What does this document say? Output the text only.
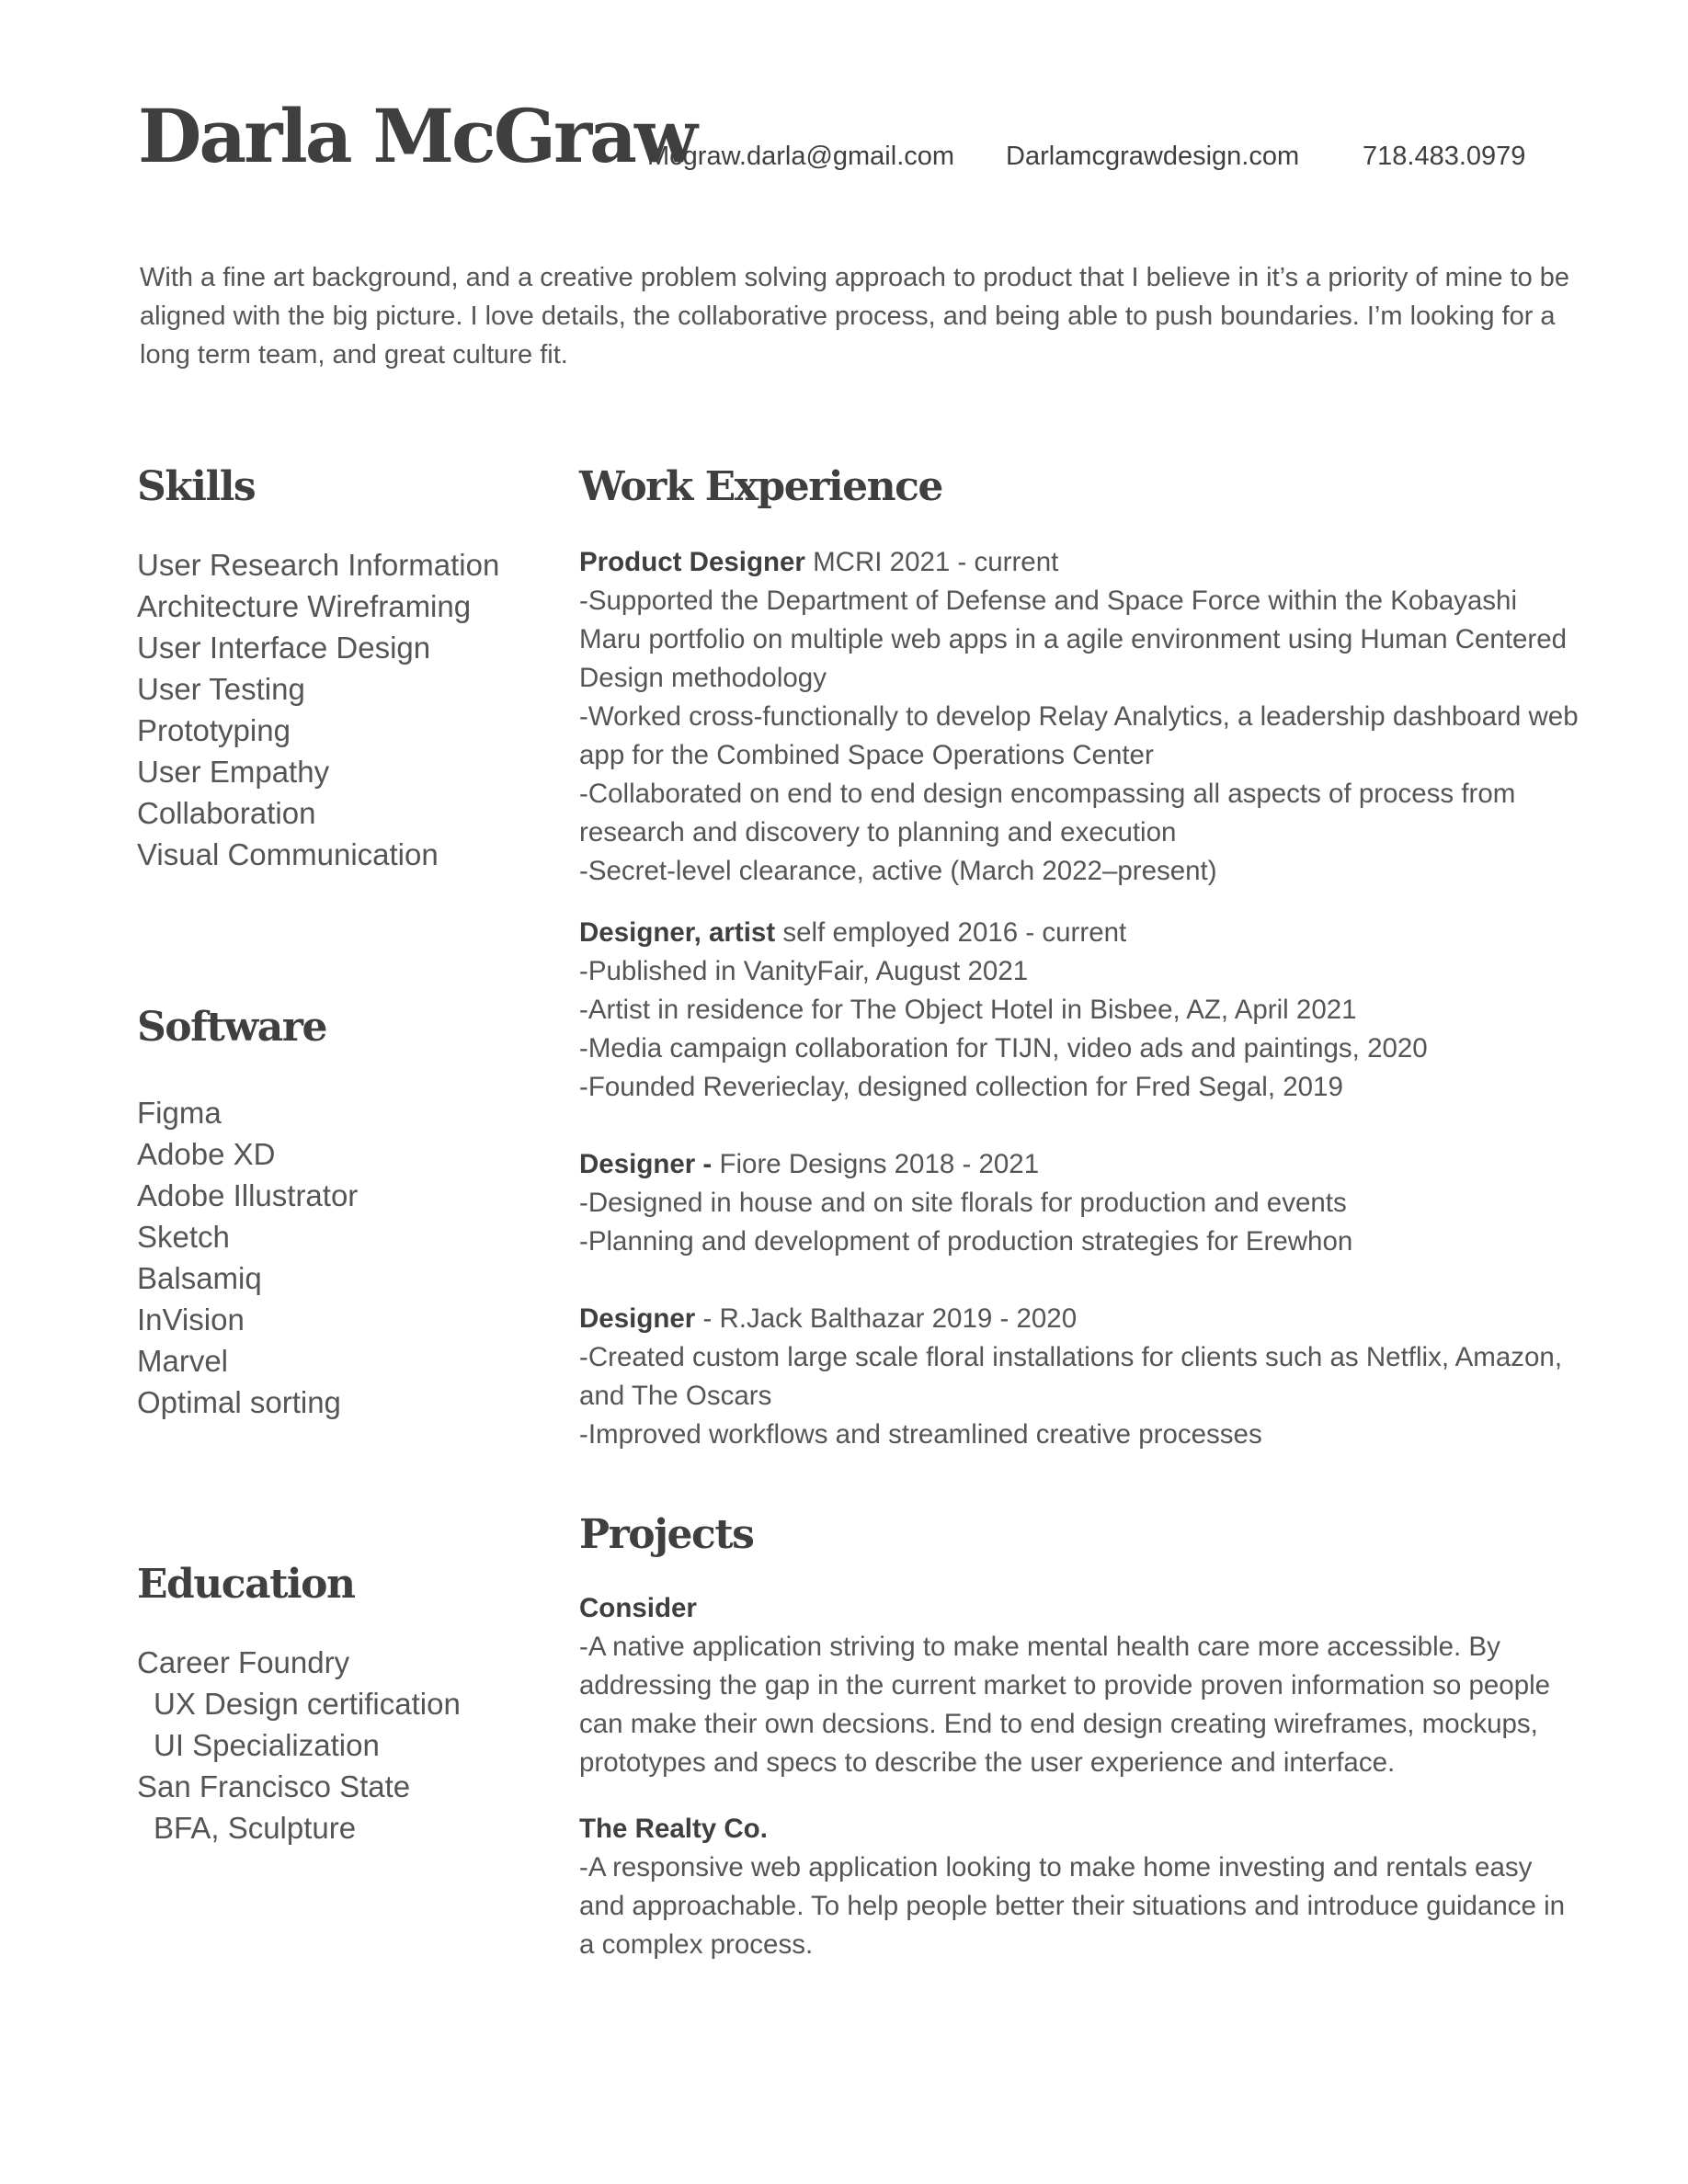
Darla McGraw
Mcgraw.darla@gmail.com Darlamcgrawdesign.com 718.483.0979

With a fine art background, and a creative problem solving approach to product that I believe in it’s a priority of mine to be aligned with the big picture. I love details, the collaborative process, and being able to push boundaries. I’m looking for a long term team, and great culture fit.

Skills
User Research Information
Architecture Wireframing
User Interface Design
User Testing
Prototyping
User Empathy
Collaboration
Visual Communication
Software
Figma
Adobe XD
Adobe Illustrator
Sketch
Balsamiq
InVision
Marvel
Optimal sorting
Education
Career Foundry
UX Design certification
UI Specialization
San Francisco State
BFA, Sculpture
Work Experience

Product Designer MCRI 2021 - current

-Supported the Department of Defense and Space Force within the Kobayashi Maru portfolio on multiple web apps in a agile environment using Human Centered Design methodology

-Worked cross-functionally to develop Relay Analytics, a leadership dashboard web app for the Combined Space Operations Center

-Collaborated on end to end design encompassing all aspects of process from research and discovery to planning and execution

-Secret-level clearance, active (March 2022–present)

Designer, artist self employed 2016 - current

-Published in VanityFair, August 2021

-Artist in residence for The Object Hotel in Bisbee, AZ, April 2021

-Media campaign collaboration for TIJN, video ads and paintings, 2020

-Founded Reverieclay, designed collection for Fred Segal, 2019

Designer - Fiore Designs 2018 - 2021

-Designed in house and on site florals for production and events

-Planning and development of production strategies for Erewhon

Designer - R.Jack Balthazar 2019 - 2020

-Created custom large scale floral installations for clients such as Netflix, Amazon, and The Oscars

-Improved workflows and streamlined creative processes

Projects

Consider

-A native application striving to make mental health care more accessible. By addressing the gap in the current market to provide proven information so people can make their own decsions. End to end design creating wireframes, mockups, prototypes and specs to describe the user experience and interface.

The Realty Co.

-A responsive web application looking to make home investing and rentals easy and approachable. To help people better their situations and introduce guidance in a complex process.
